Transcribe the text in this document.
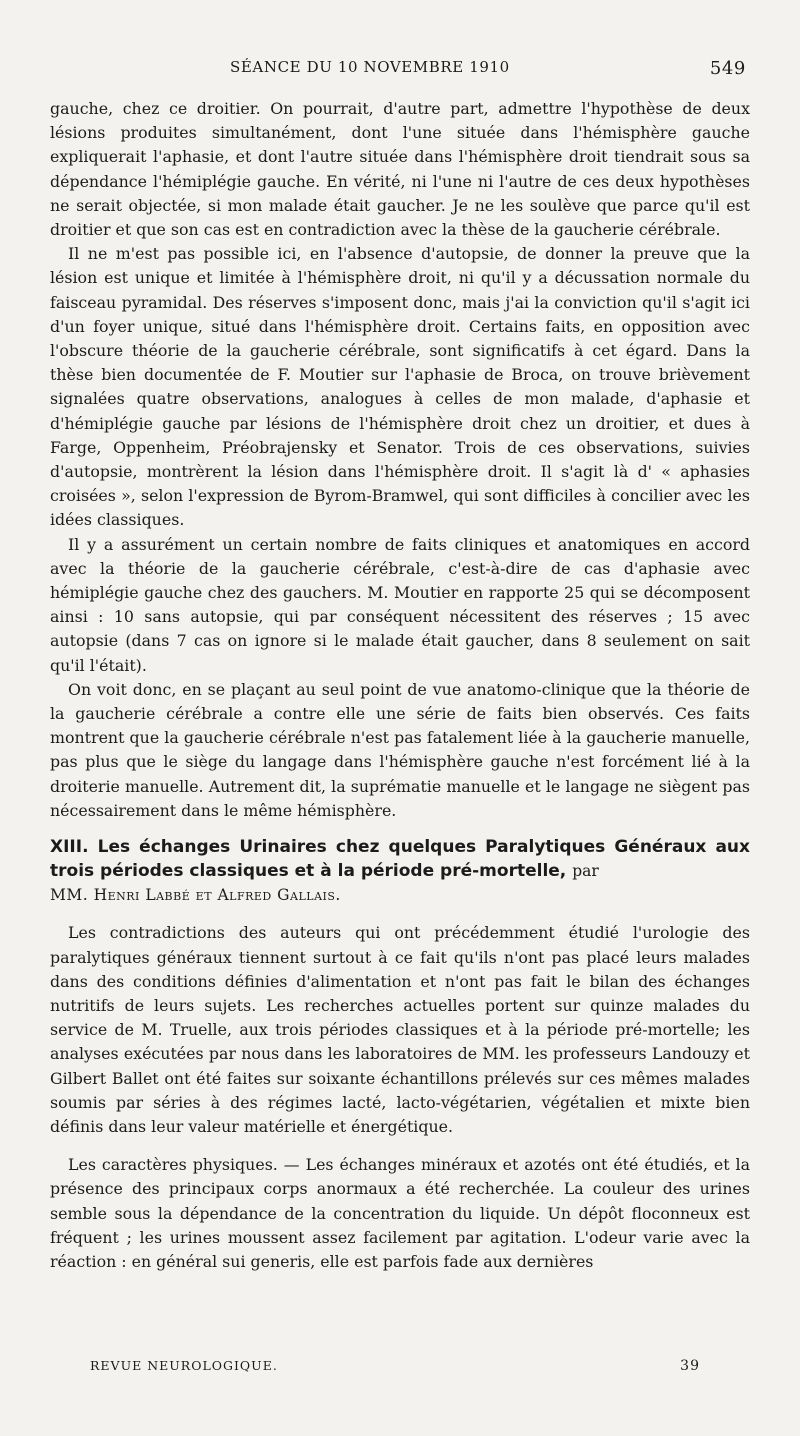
SÉANCE DU 10 NOVEMBRE 1910	549

gauche, chez ce droitier. On pourrait, d'autre part, admettre l'hypothèse de deux lésions produites simultanément, dont l'une située dans l'hémisphère gauche expliquerait l'aphasie, et dont l'autre située dans l'hémisphère droit tiendrait sous sa dépendance l'hémiplégie gauche. En vérité, ni l'une ni l'autre de ces deux hypothèses ne serait objectée, si mon malade était gaucher. Je ne les soulève que parce qu'il est droitier et que son cas est en contradiction avec la thèse de la gaucherie cérébrale.

Il ne m'est pas possible ici, en l'absence d'autopsie, de donner la preuve que la lésion est unique et limitée à l'hémisphère droit, ni qu'il y a décussation normale du faisceau pyramidal. Des réserves s'imposent donc, mais j'ai la conviction qu'il s'agit ici d'un foyer unique, situé dans l'hémisphère droit. Certains faits, en opposition avec l'obscure théorie de la gaucherie cérébrale, sont significatifs à cet égard. Dans la thèse bien documentée de F. Moutier sur l'aphasie de Broca, on trouve brièvement signalées quatre observations, analogues à celles de mon malade, d'aphasie et d'hémiplégie gauche par lésions de l'hémisphère droit chez un droitier, et dues à Farge, Oppenheim, Préobrajensky et Senator. Trois de ces observations, suivies d'autopsie, montrèrent la lésion dans l'hémisphère droit. Il s'agit là d' « aphasies croisées », selon l'expression de Byrom-Bramwel, qui sont difficiles à concilier avec les idées classiques.

Il y a assurément un certain nombre de faits cliniques et anatomiques en accord avec la théorie de la gaucherie cérébrale, c'est-à-dire de cas d'aphasie avec hémiplégie gauche chez des gauchers. M. Moutier en rapporte 25 qui se décomposent ainsi : 10 sans autopsie, qui par conséquent nécessitent des réserves ; 15 avec autopsie (dans 7 cas on ignore si le malade était gaucher, dans 8 seulement on sait qu'il l'était).

On voit donc, en se plaçant au seul point de vue anatomo-clinique que la théorie de la gaucherie cérébrale a contre elle une série de faits bien observés. Ces faits montrent que la gaucherie cérébrale n'est pas fatalement liée à la gaucherie manuelle, pas plus que le siège du langage dans l'hémisphère gauche n'est forcément lié à la droiterie manuelle. Autrement dit, la suprématie manuelle et le langage ne siègent pas nécessairement dans le même hémisphère.

XIII. Les échanges Urinaires chez quelques Paralytiques Généraux aux trois périodes classiques et à la période pré-mortelle, par

MM. Henri Labbé et Alfred Gallais.

Les contradictions des auteurs qui ont précédemment étudié l'urologie des paralytiques généraux tiennent surtout à ce fait qu'ils n'ont pas placé leurs malades dans des conditions définies d'alimentation et n'ont pas fait le bilan des échanges nutritifs de leurs sujets. Les recherches actuelles portent sur quinze malades du service de M. Truelle, aux trois périodes classiques et à la période pré-mortelle; les analyses exécutées par nous dans les laboratoires de MM. les professeurs Landouzy et Gilbert Ballet ont été faites sur soixante échantillons prélevés sur ces mêmes malades soumis par séries à des régimes lacté, lacto-végétarien, végétalien et mixte bien définis dans leur valeur matérielle et énergétique.

Les caractères physiques. — Les échanges minéraux et azotés ont été étudiés, et la présence des principaux corps anormaux a été recherchée. La couleur des urines semble sous la dépendance de la concentration du liquide. Un dépôt floconneux est fréquent ; les urines moussent assez facilement par agitation. L'odeur varie avec la réaction : en général sui generis, elle est parfois fade aux dernières

REVUE NEUROLOGIQUE.	39
